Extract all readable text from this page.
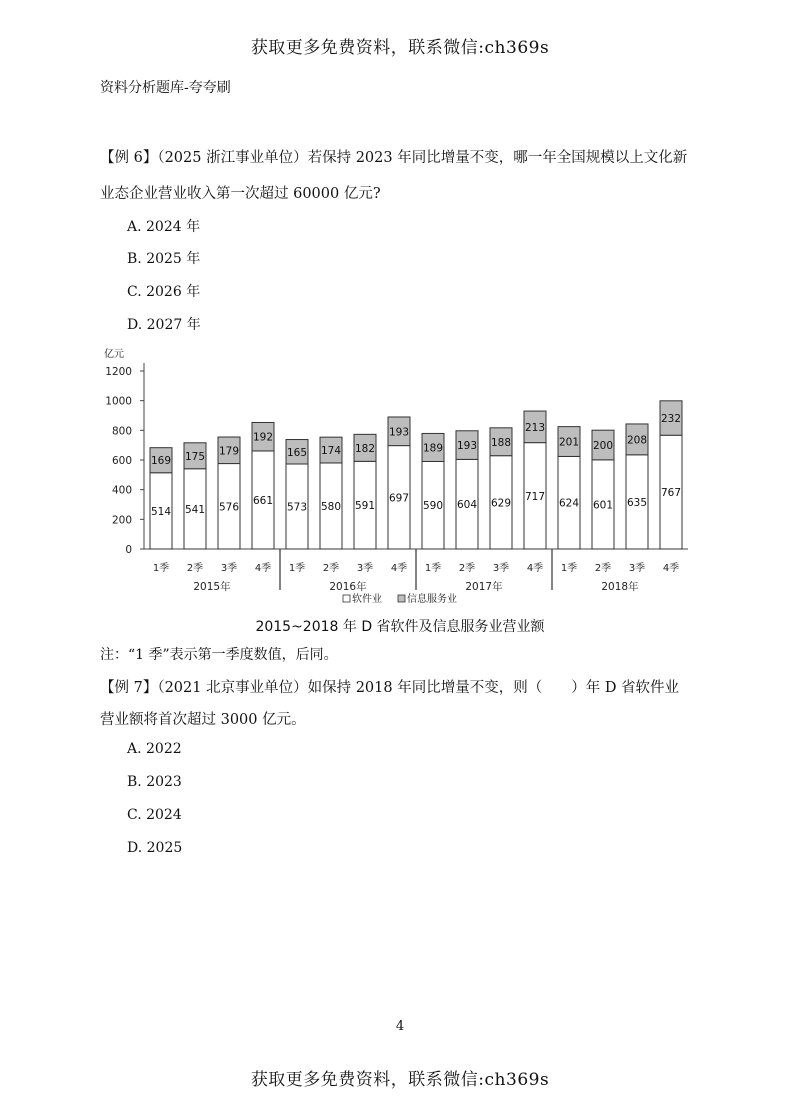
获取更多免费资料，联系微信:ch369s
资料分析题库-夸夸刷
【例 6】（2025 浙江事业单位）若保持 2023 年同比增量不变，哪一年全国规模以上文化新
业态企业营业收入第一次超过 60000 亿元?
A. 2024 年
B. 2025 年
C. 2026 年
D. 2027 年
亿元
0
200
400
600
800
1000
1200
514
169
1季
541
175
2季
576
179
3季
661
192
4季
573
165
1季
580
174
2季
591
182
3季
697
193
4季
590
189
1季
604
193
2季
629
188
3季
717
213
4季
624
201
1季
601
200
2季
635
208
3季
767
232
4季
2015年	2016年	2017年	2018年
软件业	信息服务业
2015~2018 年 D 省软件及信息服务业营业额
注：“1 季”表示第一季度数值，后同。
【例 7】（2021 北京事业单位）如保持 2018 年同比增量不变，则（　　）年 D 省软件业
营业额将首次超过 3000 亿元。
A. 2022
B. 2023
C. 2024
D. 2025
4
获取更多免费资料，联系微信:ch369s
